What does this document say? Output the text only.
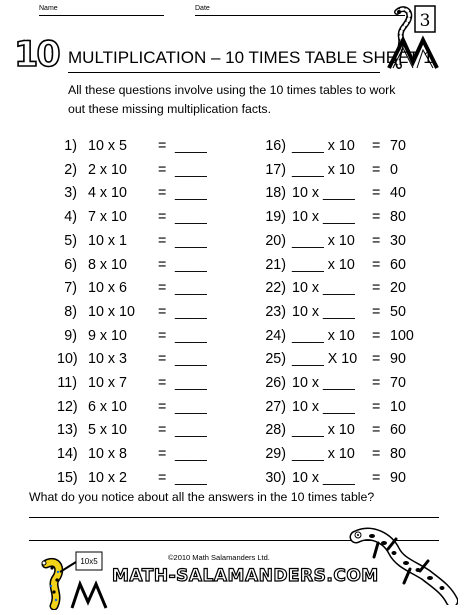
Name	Date
10 MULTIPLICATION – 10 TIMES TABLE SHEET 1
3
All these questions involve using the 10 times tables to work out these missing multiplication facts.
1) 10 x 5 = ____
2) 2 x 10 = ____
3) 4 x 10 = ____
4) 7 x 10 = ____
5) 10 x 1 = ____
6) 8 x 10 = ____
7) 10 x 6 = ____
8) 10 x 10 = ____
9) 9 x 10 = ____
10) 10 x 3 = ____
11) 10 x 7 = ____
12) 6 x 10 = ____
13) 5 x 10 = ____
14) 10 x 8 = ____
15) 10 x 2 = ____
16) ____ x 10 = 70
17) ____ x 10 = 0
18) 10 x ____ = 40
19) 10 x ____ = 80
20) ____ x 10 = 30
21) ____ x 10 = 60
22) 10 x ____ = 20
23) 10 x ____ = 50
24) ____ x 10 = 100
25) ____ X 10 = 90
26) 10 x ____ = 70
27) 10 x ____ = 10
28) ____ x 10 = 60
29) ____ x 10 = 80
30) 10 x ____ = 90
What do you notice about all the answers in the 10 times table?
10x5	©2010 Math Salamanders Ltd.
MATH-SALAMANDERS.COM
